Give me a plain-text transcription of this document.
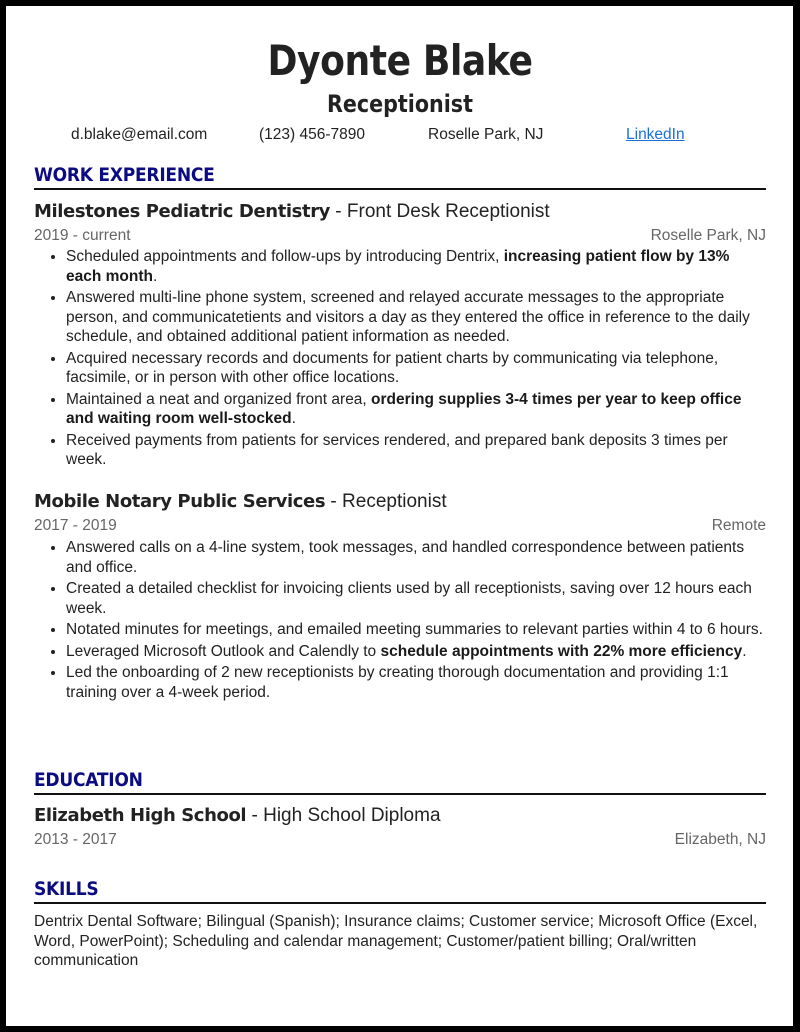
Dyonte Blake
Receptionist
d.blake@email.com	(123) 456-7890	Roselle Park, NJ	LinkedIn
WORK EXPERIENCE
Milestones Pediatric Dentistry - Front Desk Receptionist
2019 - current	Roselle Park, NJ
• Scheduled appointments and follow-ups by introducing Dentrix, increasing patient flow by 13% each month.
• Answered multi-line phone system, screened and relayed accurate messages to the appropriate person, and communicatetients and visitors a day as they entered the office in reference to the daily schedule, and obtained additional patient information as needed.
• Acquired necessary records and documents for patient charts by communicating via telephone, facsimile, or in person with other office locations.
• Maintained a neat and organized front area, ordering supplies 3-4 times per year to keep office and waiting room well-stocked.
• Received payments from patients for services rendered, and prepared bank deposits 3 times per week.
Mobile Notary Public Services - Receptionist
2017 - 2019	Remote
• Answered calls on a 4-line system, took messages, and handled correspondence between patients and office.
• Created a detailed checklist for invoicing clients used by all receptionists, saving over 12 hours each week.
• Notated minutes for meetings, and emailed meeting summaries to relevant parties within 4 to 6 hours.
• Leveraged Microsoft Outlook and Calendly to schedule appointments with 22% more efficiency.
• Led the onboarding of 2 new receptionists by creating thorough documentation and providing 1:1 training over a 4-week period.
EDUCATION
Elizabeth High School - High School Diploma
2013 - 2017	Elizabeth, NJ
SKILLS
Dentrix Dental Software; Bilingual (Spanish); Insurance claims; Customer service; Microsoft Office (Excel, Word, PowerPoint); Scheduling and calendar management; Customer/patient billing; Oral/written communication
